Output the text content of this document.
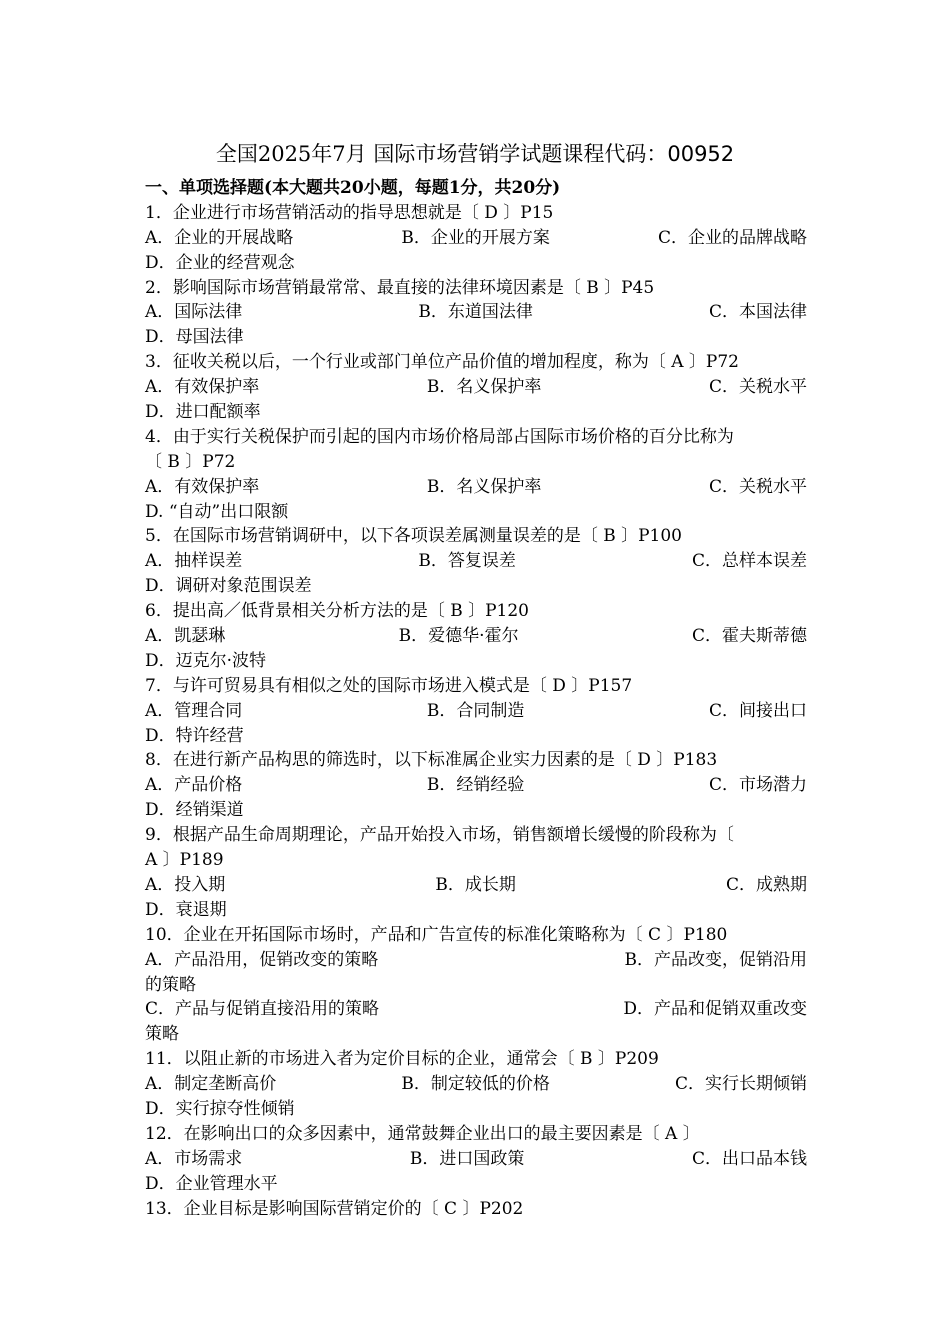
全国2025年7月 国际市场营销学试题课程代码：00952
一、单项选择题(本大题共20小题，每题1分，共20分)
1．企业进行市场营销活动的指导思想就是〔 D 〕P15
A．企业的开展战略	B．企业的开展方案	C．企业的品牌战略
D．企业的经营观念
2．影响国际市场营销最常常、最直接的法律环境因素是〔 B 〕P45
A．国际法律	B．东道国法律	C．本国法律
D．母国法律
3．征收关税以后，一个行业或部门单位产品价值的增加程度，称为〔 A 〕P72
A．有效保护率	B．名义保护率	C．关税水平
D．进口配额率
4．由于实行关税保护而引起的国内市场价格局部占国际市场价格的百分比称为
〔 B 〕P72
A．有效保护率	B．名义保护率	C．关税水平
D. “自动”出口限额
5．在国际市场营销调研中，以下各项误差属测量误差的是〔 B 〕P100
A．抽样误差	B．答复误差	C．总样本误差
D．调研对象范围误差
6．提出高／低背景相关分析方法的是〔 B 〕P120
A．凯瑟琳	B．爱德华·霍尔	C．霍夫斯蒂德
D．迈克尔·波特
7．与许可贸易具有相似之处的国际市场进入模式是〔 D 〕P157
A．管理合同	B．合同制造	C．间接出口
D．特许经营
8．在进行新产品构思的筛选时，以下标准属企业实力因素的是〔 D 〕P183
A．产品价格	B．经销经验	C．市场潜力
D．经销渠道
9．根据产品生命周期理论，产品开始投入市场，销售额增长缓慢的阶段称为〔
A 〕P189
A．投入期	B．成长期	C．成熟期
D．衰退期
10．企业在开拓国际市场时，产品和广告宣传的标准化策略称为〔 C 〕P180
A．产品沿用，促销改变的策略	B．产品改变，促销沿用
的策略
C．产品与促销直接沿用的策略	D．产品和促销双重改变
策略
11．以阻止新的市场进入者为定价目标的企业，通常会〔 B 〕P209
A．制定垄断高价	B．制定较低的价格	C．实行长期倾销
D．实行掠夺性倾销
12．在影响出口的众多因素中，通常鼓舞企业出口的最主要因素是〔 A 〕
A．市场需求	B．进口国政策	C．出口品本钱
D．企业管理水平
13．企业目标是影响国际营销定价的〔 C 〕P202
